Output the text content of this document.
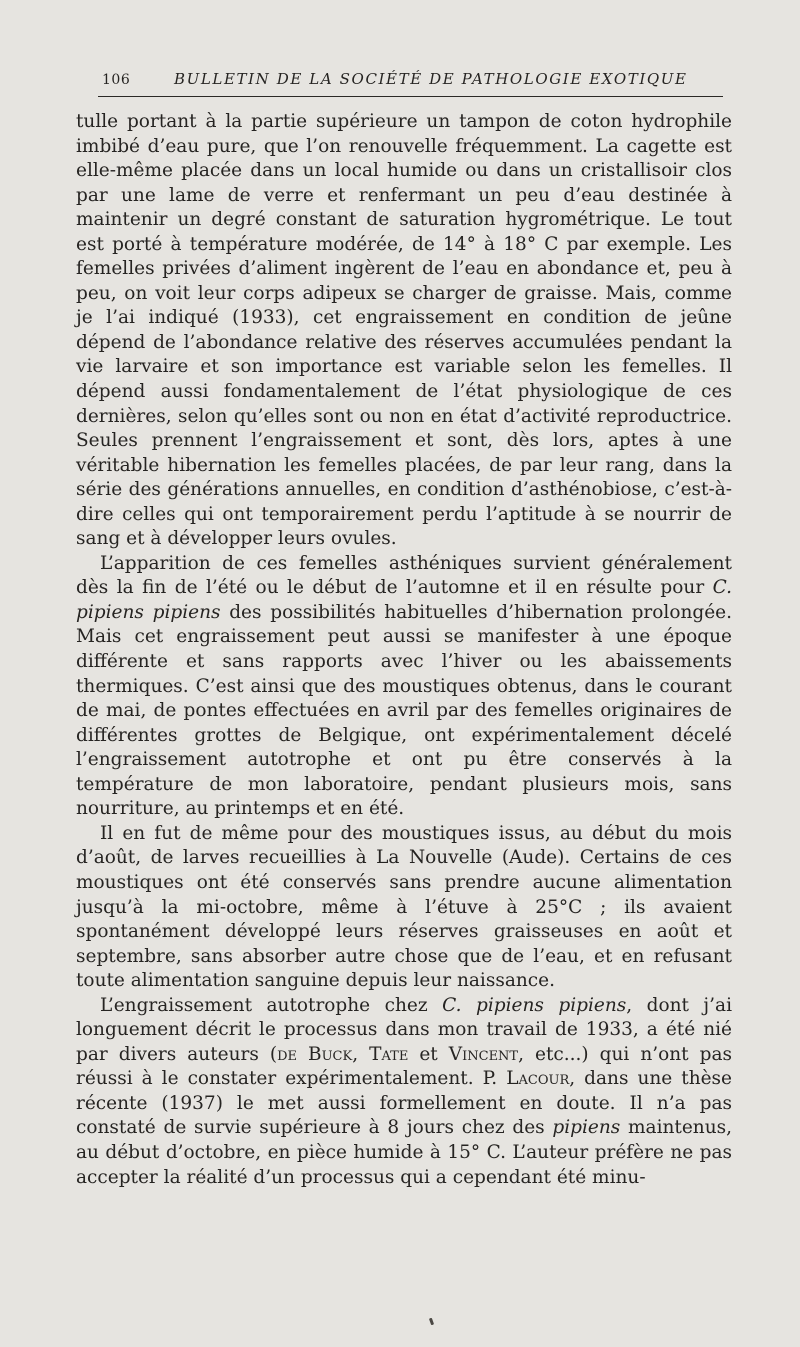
106	BULLETIN DE LA SOCIÉTÉ DE PATHOLOGIE EXOTIQUE

tulle portant à la partie supérieure un tampon de coton hydrophile imbibé d’eau pure, que l’on renouvelle fréquemment. La cagette est elle-même placée dans un local humide ou dans un cristallisoir clos par une lame de verre et renfermant un peu d’eau destinée à maintenir un degré constant de saturation hygrométrique. Le tout est porté à température modérée, de 14° à 18° C par exemple. Les femelles privées d’aliment ingèrent de l’eau en abondance et, peu à peu, on voit leur corps adipeux se charger de graisse. Mais, comme je l’ai indiqué (1933), cet engraissement en condition de jeûne dépend de l’abondance relative des réserves accumulées pendant la vie larvaire et son importance est variable selon les femelles. Il dépend aussi fondamentalement de l’état physiologique de ces dernières, selon qu’elles sont ou non en état d’activité reproductrice. Seules prennent l’engraissement et sont, dès lors, aptes à une véritable hibernation les femelles placées, de par leur rang, dans la série des générations annuelles, en condition d’asthénobiose, c’est-à-dire celles qui ont temporairement perdu l’aptitude à se nourrir de sang et à développer leurs ovules.

L’apparition de ces femelles asthéniques survient généralement dès la fin de l’été ou le début de l’automne et il en résulte pour C. pipiens pipiens des possibilités habituelles d’hibernation prolongée. Mais cet engraissement peut aussi se manifester à une époque différente et sans rapports avec l’hiver ou les abaissements thermiques. C’est ainsi que des moustiques obtenus, dans le courant de mai, de pontes effectuées en avril par des femelles originaires de différentes grottes de Belgique, ont expérimentalement décelé l’engraissement autotrophe et ont pu être conservés à la température de mon laboratoire, pendant plusieurs mois, sans nourriture, au printemps et en été.

Il en fut de même pour des moustiques issus, au début du mois d’août, de larves recueillies à La Nouvelle (Aude). Certains de ces moustiques ont été conservés sans prendre aucune alimentation jusqu’à la mi-octobre, même à l’étuve à 25°C ; ils avaient spontanément développé leurs réserves graisseuses en août et septembre, sans absorber autre chose que de l’eau, et en refusant toute alimentation sanguine depuis leur naissance.

L’engraissement autotrophe chez C. pipiens pipiens, dont j’ai longuement décrit le processus dans mon travail de 1933, a été nié par divers auteurs (de Buck, Tate et Vincent, etc...) qui n’ont pas réussi à le constater expérimentalement. P. Lacour, dans une thèse récente (1937) le met aussi formellement en doute. Il n’a pas constaté de survie supérieure à 8 jours chez des pipiens maintenus, au début d’octobre, en pièce humide à 15° C. L’auteur préfère ne pas accepter la réalité d’un processus qui a cependant été minu-
